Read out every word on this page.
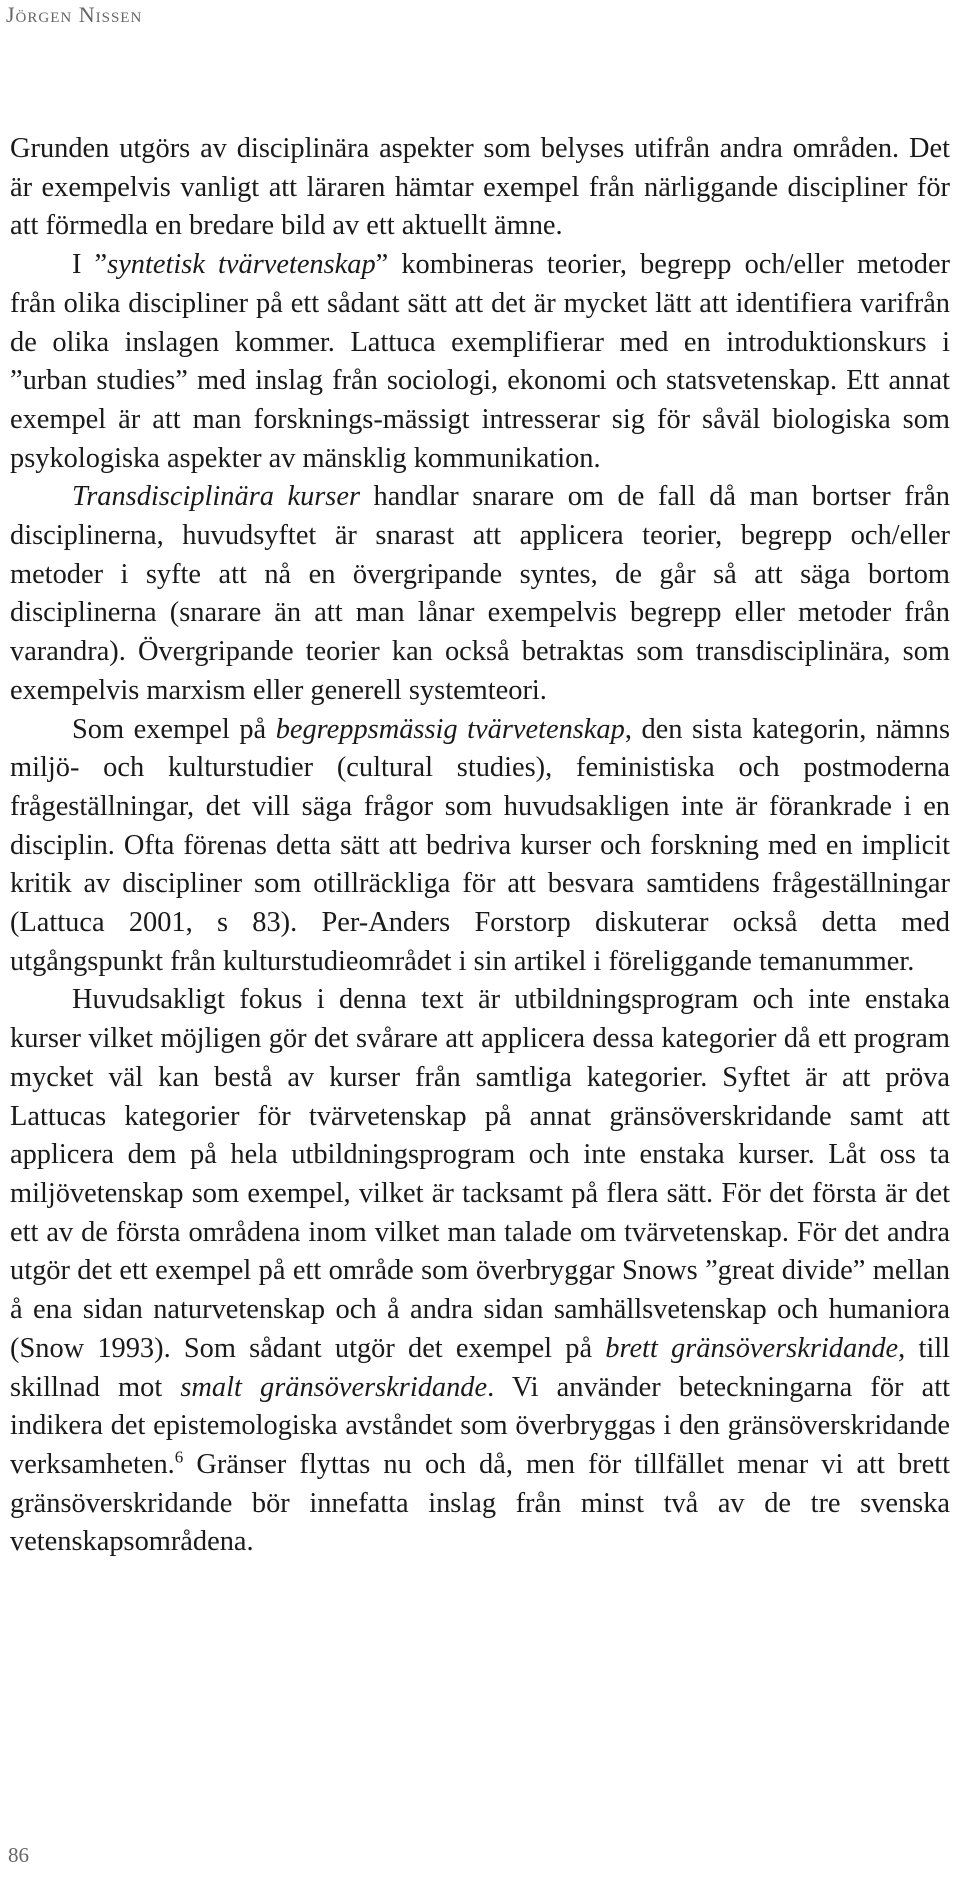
Jörgen Nissen

Grunden utgörs av disciplinära aspekter som belyses utifrån andra områden. Det är exempelvis vanligt att läraren hämtar exempel från närliggande discipliner för att förmedla en bredare bild av ett aktuellt ämne.

I ”syntetisk tvärvetenskap” kombineras teorier, begrepp och/eller metoder från olika discipliner på ett sådant sätt att det är mycket lätt att identifiera varifrån de olika inslagen kommer. Lattuca exemplifierar med en introduktionskurs i ”urban studies” med inslag från sociologi, ekonomi och statsvetenskap. Ett annat exempel är att man forsknings-mässigt intresserar sig för såväl biologiska som psykologiska aspekter av mänsklig kommunikation.

Transdisciplinära kurser handlar snarare om de fall då man bortser från disciplinerna, huvudsyftet är snarast att applicera teorier, begrepp och/eller metoder i syfte att nå en övergripande syntes, de går så att säga bortom disciplinerna (snarare än att man lånar exempelvis begrepp eller metoder från varandra). Övergripande teorier kan också betraktas som transdisciplinära, som exempelvis marxism eller generell systemteori.

Som exempel på begreppsmässig tvärvetenskap, den sista kategorin, nämns miljö- och kulturstudier (cultural studies), feministiska och postmoderna frågeställningar, det vill säga frågor som huvudsakligen inte är förankrade i en disciplin. Ofta förenas detta sätt att bedriva kurser och forskning med en implicit kritik av discipliner som otillräckliga för att besvara samtidens frågeställningar (Lattuca 2001, s 83). Per-Anders Forstorp diskuterar också detta med utgångspunkt från kulturstudieområdet i sin artikel i föreliggande temanummer.

Huvudsakligt fokus i denna text är utbildningsprogram och inte enstaka kurser vilket möjligen gör det svårare att applicera dessa kategorier då ett program mycket väl kan bestå av kurser från samtliga kategorier. Syftet är att pröva Lattucas kategorier för tvärvetenskap på annat gränsöverskridande samt att applicera dem på hela utbildningsprogram och inte enstaka kurser. Låt oss ta miljövetenskap som exempel, vilket är tacksamt på flera sätt. För det första är det ett av de första områdena inom vilket man talade om tvärvetenskap. För det andra utgör det ett exempel på ett område som överbryggar Snows ”great divide” mellan å ena sidan naturvetenskap och å andra sidan samhällsvetenskap och humaniora (Snow 1993). Som sådant utgör det exempel på brett gränsöverskridande, till skillnad mot smalt gränsöverskridande. Vi använder beteckningarna för att indikera det epistemologiska avståndet som överbryggas i den gränsöverskridande verksamheten.$^6$ Gränser flyttas nu och då, men för tillfället menar vi att brett gränsöverskridande bör innefatta inslag från minst två av de tre svenska vetenskapsområdena.

86
